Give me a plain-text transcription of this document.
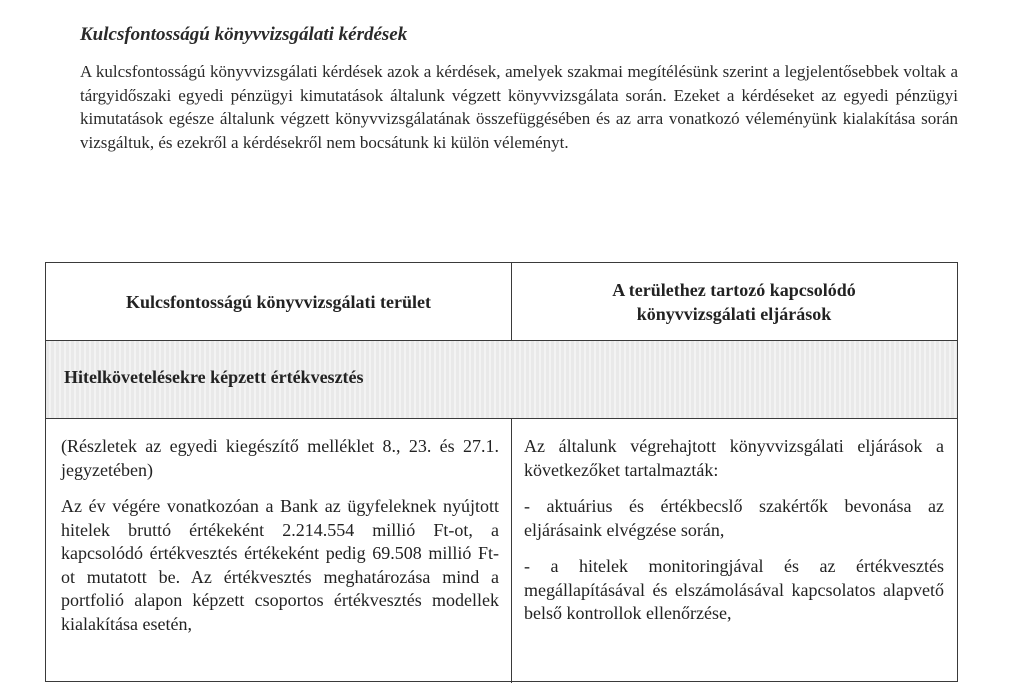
Kulcsfontosságú könyvvizsgálati kérdések

A kulcsfontosságú könyvvizsgálati kérdések azok a kérdések, amelyek szakmai megítélésünk szerint a legjelentősebbek voltak a tárgyidőszaki egyedi pénzügyi kimutatások általunk végzett könyvvizsgálata során. Ezeket a kérdéseket az egyedi pénzügyi kimutatások egésze általunk végzett könyvvizsgálatának összefüggésében és az arra vonatkozó véleményünk kialakítása során vizsgáltuk, és ezekről a kérdésekről nem bocsátunk ki külön véleményt.

Kulcsfontosságú könyvvizsgálati terület
A területhez tartozó kapcsolódó
könyvvizsgálati eljárások

Hitelkövetelésekre képzett értékvesztés

(Részletek az egyedi kiegészítő melléklet 8., 23. és 27.1. jegyzetében)

Az év végére vonatkozóan a Bank az ügyfeleknek nyújtott hitelek bruttó értékeként 2.214.554 millió Ft-ot, a kapcsolódó értékvesztés értékeként pedig 69.508 millió Ft-ot mutatott be. Az értékvesztés meghatározása mind a portfolió alapon képzett csoportos értékvesztés modellek kialakítása esetén,

Az általunk végrehajtott könyvvizsgálati eljárások a következőket tartalmazták:

- aktuárius és értékbecslő szakértők bevonása az eljárásaink elvégzése során,

- a hitelek monitoringjával és az értékvesztés megállapításával és elszámolásával kapcsolatos alapvető belső kontrollok ellenőrzése,
